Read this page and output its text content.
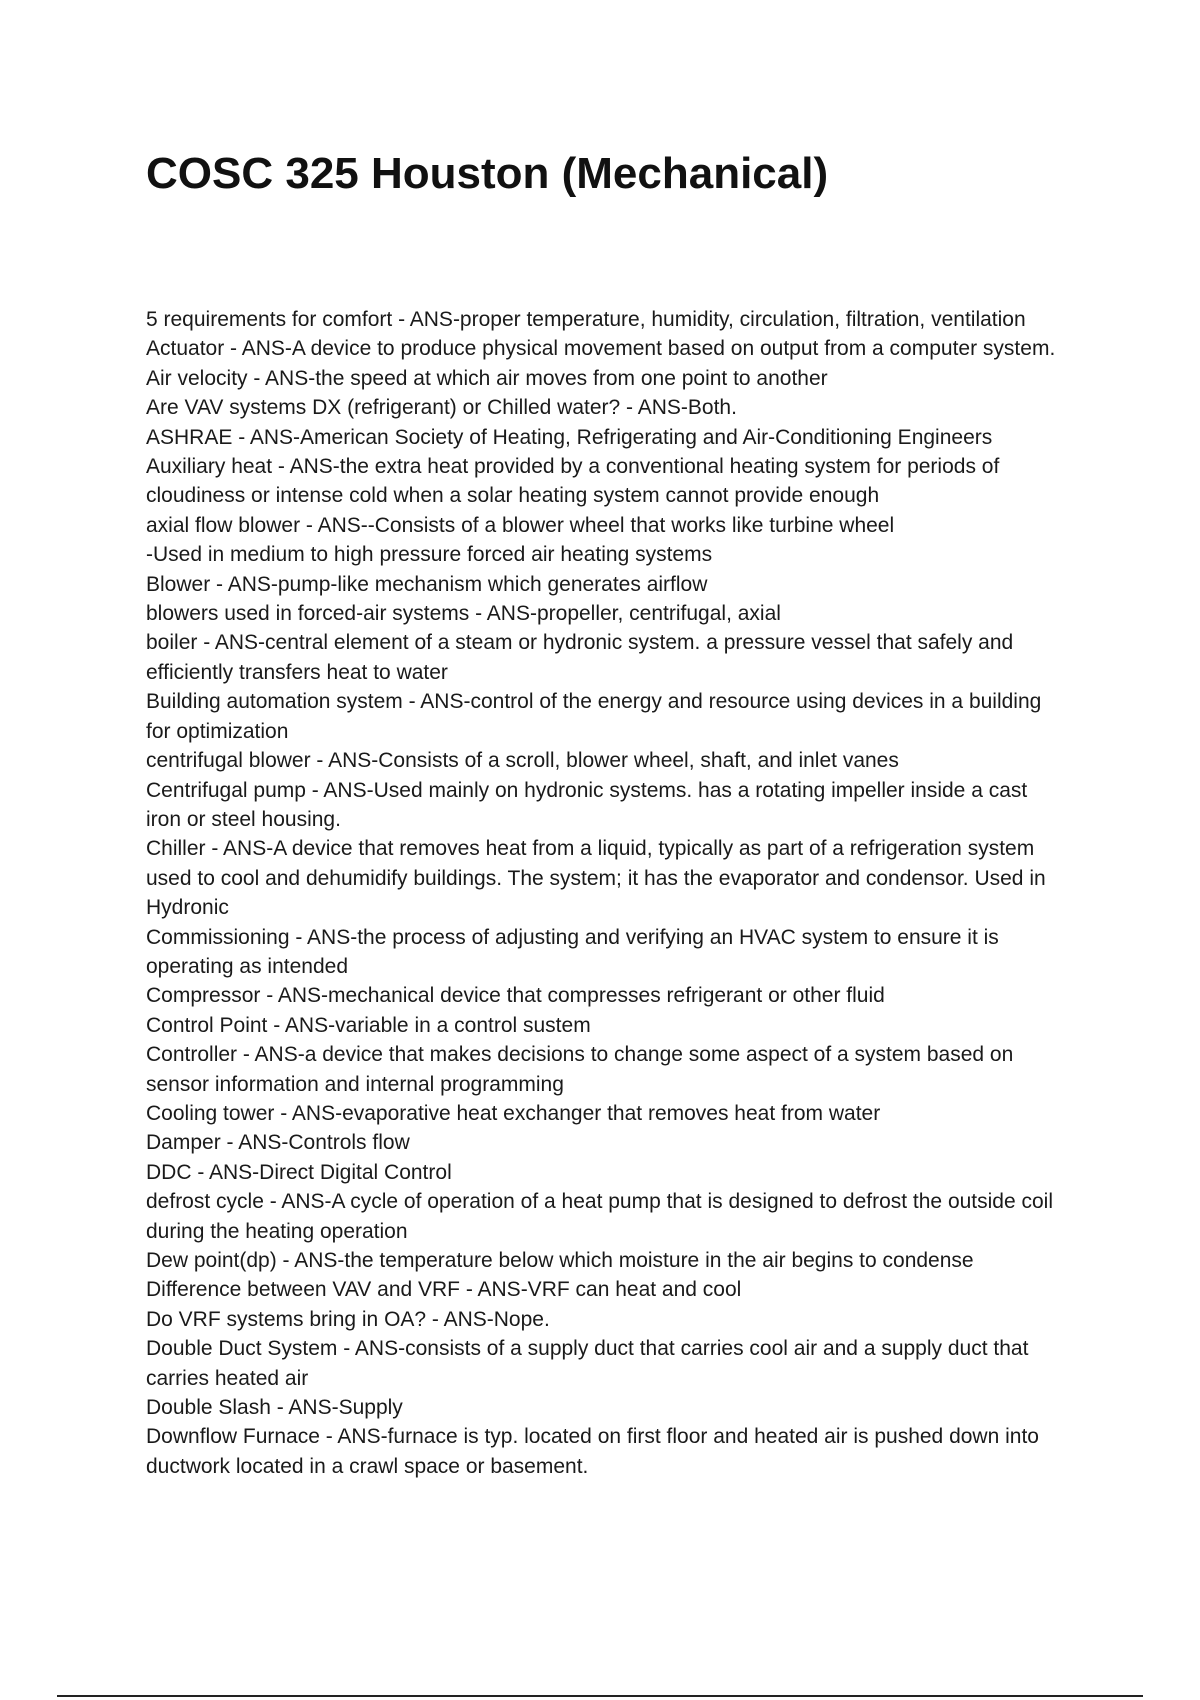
COSC 325 Houston (Mechanical)

5 requirements for comfort - ANS-proper temperature, humidity, circulation, filtration, ventilation

Actuator - ANS-A device to produce physical movement based on output from a computer system.

Air velocity - ANS-the speed at which air moves from one point to another

Are VAV systems DX (refrigerant) or Chilled water? - ANS-Both.

ASHRAE - ANS-American Society of Heating, Refrigerating and Air-Conditioning Engineers

Auxiliary heat - ANS-the extra heat provided by a conventional heating system for periods of cloudiness or intense cold when a solar heating system cannot provide enough

axial flow blower - ANS--Consists of a blower wheel that works like turbine wheel

-Used in medium to high pressure forced air heating systems

Blower - ANS-pump-like mechanism which generates airflow

blowers used in forced-air systems - ANS-propeller, centrifugal, axial

boiler - ANS-central element of a steam or hydronic system. a pressure vessel that safely and efficiently transfers heat to water

Building automation system - ANS-control of the energy and resource using devices in a building for optimization

centrifugal blower - ANS-Consists of a scroll, blower wheel, shaft, and inlet vanes

Centrifugal pump - ANS-Used mainly on hydronic systems. has a rotating impeller inside a cast iron or steel housing.

Chiller - ANS-A device that removes heat from a liquid, typically as part of a refrigeration system used to cool and dehumidify buildings. The system; it has the evaporator and condensor. Used in Hydronic

Commissioning - ANS-the process of adjusting and verifying an HVAC system to ensure it is operating as intended

Compressor - ANS-mechanical device that compresses refrigerant or other fluid

Control Point - ANS-variable in a control sustem

Controller - ANS-a device that makes decisions to change some aspect of a system based on sensor information and internal programming

Cooling tower - ANS-evaporative heat exchanger that removes heat from water

Damper - ANS-Controls flow

DDC - ANS-Direct Digital Control

defrost cycle - ANS-A cycle of operation of a heat pump that is designed to defrost the outside coil during the heating operation

Dew point(dp) - ANS-the temperature below which moisture in the air begins to condense

Difference between VAV and VRF - ANS-VRF can heat and cool

Do VRF systems bring in OA? - ANS-Nope.

Double Duct System - ANS-consists of a supply duct that carries cool air and a supply duct that carries heated air

Double Slash - ANS-Supply

Downflow Furnace - ANS-furnace is typ. located on first floor and heated air is pushed down into ductwork located in a crawl space or basement.
